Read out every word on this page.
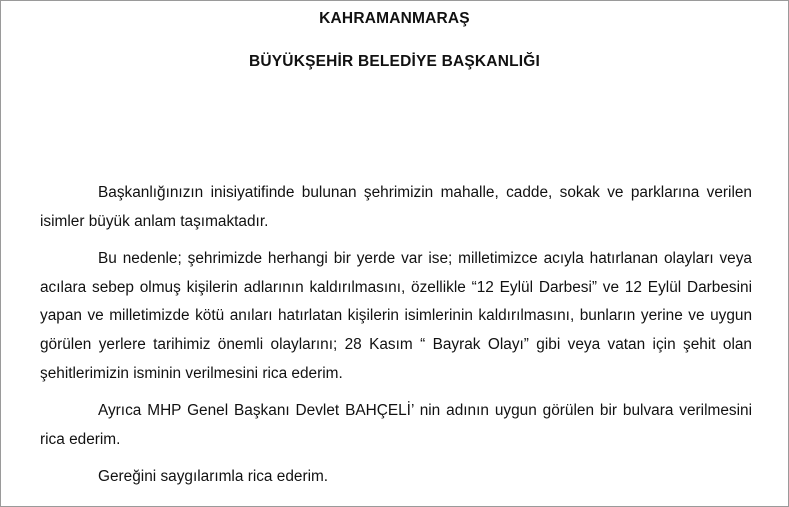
KAHRAMANMARAŞ
BÜYÜKŞEHİR BELEDİYE BAŞKANLIĞI

Başkanlığınızın inisiyatifinde bulunan şehrimizin mahalle, cadde, sokak ve parklarına verilen isimler büyük anlam taşımaktadır.

Bu nedenle; şehrimizde herhangi bir yerde var ise; milletimizce acıyla hatırlanan olayları veya acılara sebep olmuş kişilerin adlarının kaldırılmasını, özellikle “12 Eylül Darbesi” ve 12 Eylül Darbesini yapan ve milletimizde kötü anıları hatırlatan kişilerin isimlerinin kaldırılmasını, bunların yerine ve uygun görülen yerlere tarihimiz önemli olaylarını; 28 Kasım “ Bayrak Olayı” gibi veya vatan için şehit olan şehitlerimizin isminin verilmesini rica ederim.

Ayrıca MHP Genel Başkanı Devlet BAHÇELİ’ nin adının uygun görülen bir bulvara verilmesini rica ederim.

Gereğini saygılarımla rica ederim.
